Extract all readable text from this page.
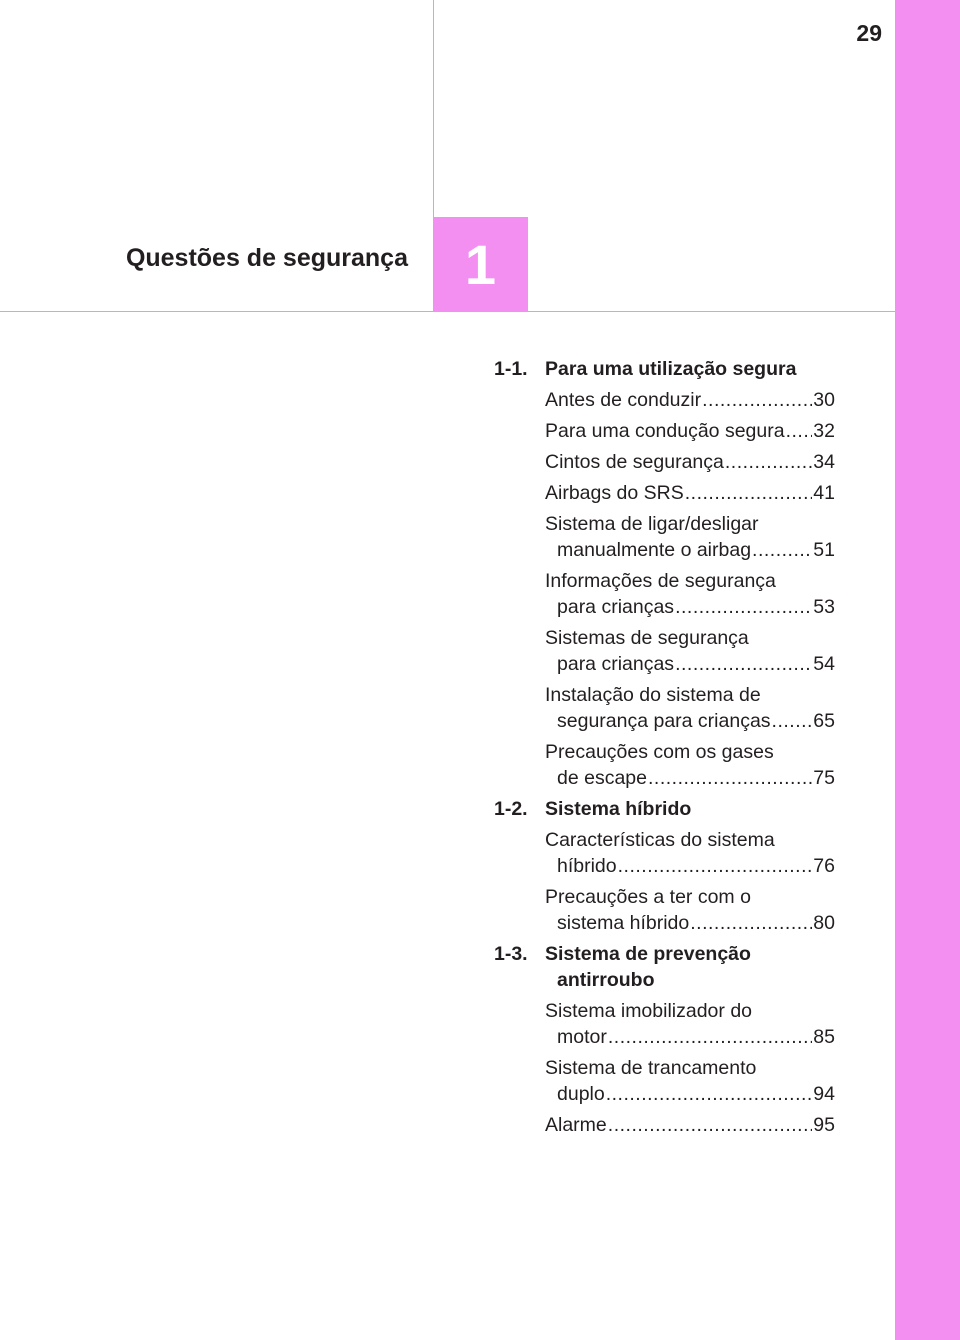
29
Questões de segurança 1
1-1. Para uma utilização segura
Antes de conduzir .....	30
Para uma condução segura ..... 32
Cintos de segurança .....	34
Airbags do SRS .....	41
Sistema de ligar/desligar
manualmente o airbag .....	51
Informações de segurança
para crianças .....	53
Sistemas de segurança
para crianças .....	54
Instalação do sistema de
segurança para crianças ..... 65
Precauções com os gases
de escape .....	75
1-2. Sistema híbrido
Características do sistema
híbrido .....	76
Precauções a ter com o
sistema híbrido .....	80
1-3. Sistema de prevenção
antirroubo
Sistema imobilizador do
motor .....	85
Sistema de trancamento
duplo .....	94
Alarme .....	95
